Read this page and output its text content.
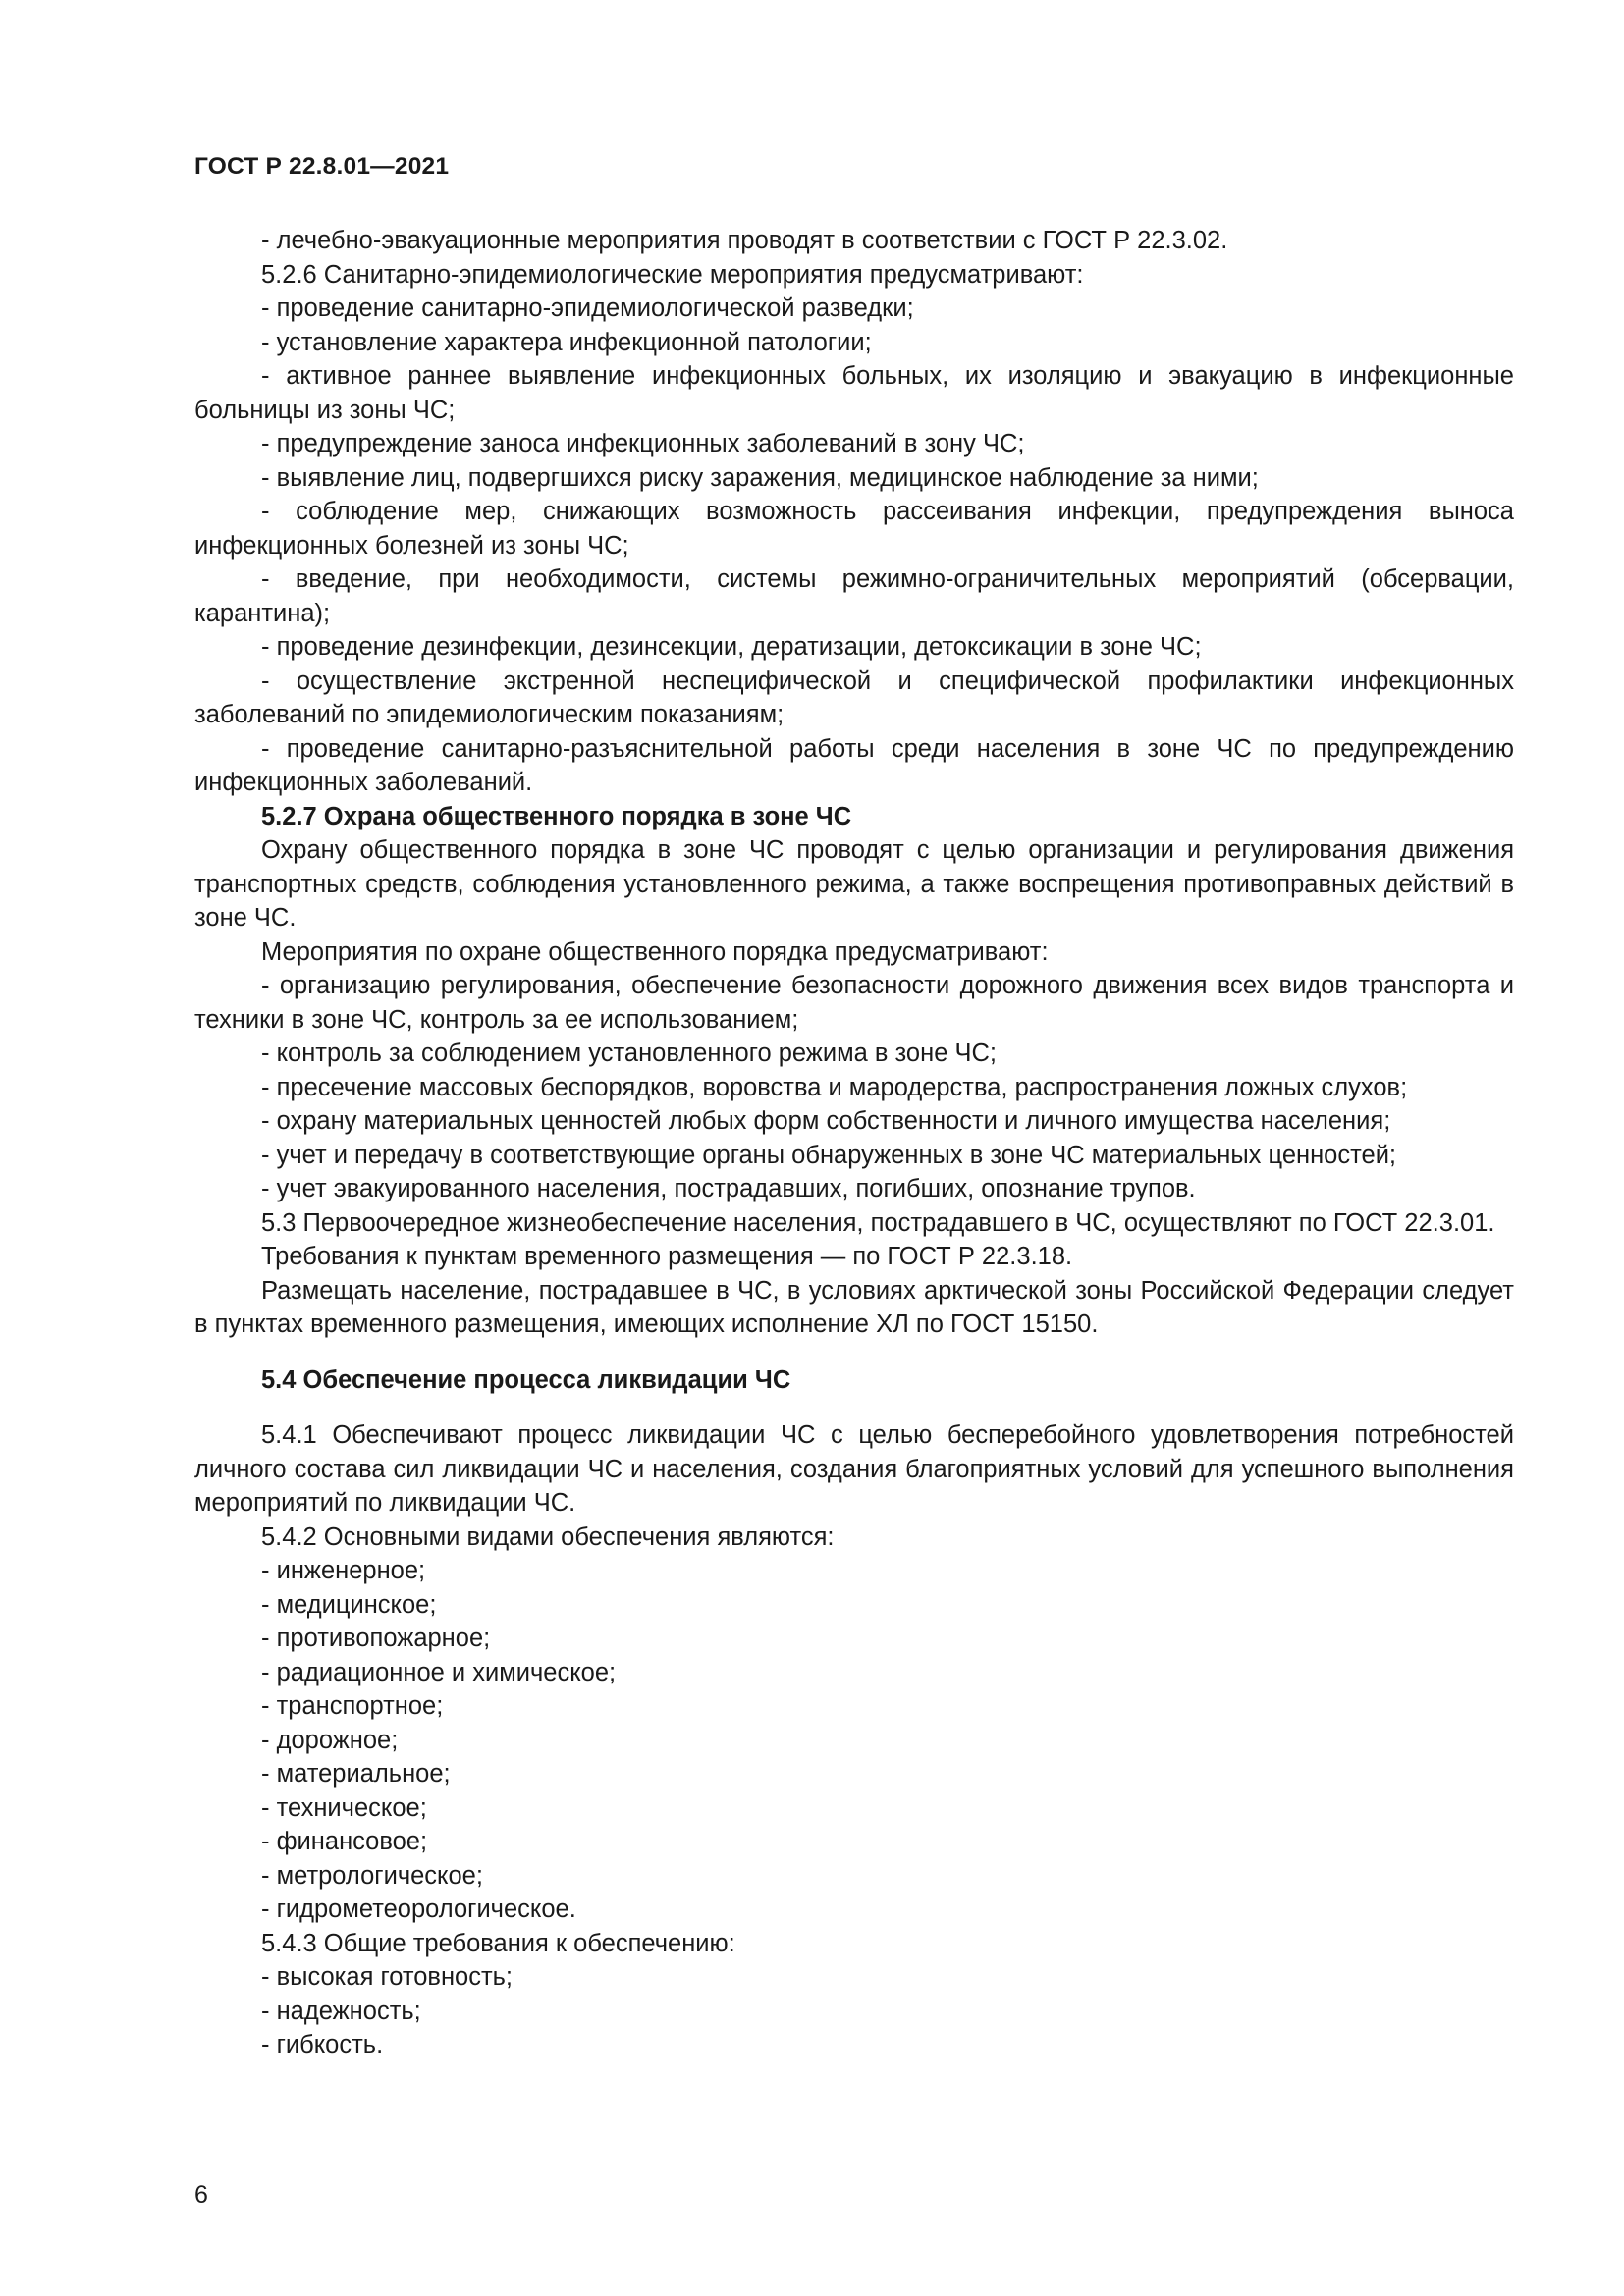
ГОСТ Р 22.8.01—2021

- лечебно-эвакуационные мероприятия проводят в соответствии с ГОСТ Р 22.3.02.

5.2.6 Санитарно-эпидемиологические мероприятия предусматривают:

- проведение санитарно-эпидемиологической разведки;

- установление характера инфекционной патологии;

- активное раннее выявление инфекционных больных, их изоляцию и эвакуацию в инфекционные больницы из зоны ЧС;

- предупреждение заноса инфекционных заболеваний в зону ЧС;

- выявление лиц, подвергшихся риску заражения, медицинское наблюдение за ними;

- соблюдение мер, снижающих возможность рассеивания инфекции, предупреждения выноса инфекционных болезней из зоны ЧС;

- введение, при необходимости, системы режимно-ограничительных мероприятий (обсервации, карантина);

- проведение дезинфекции, дезинсекции, дератизации, детоксикации в зоне ЧС;

- осуществление экстренной неспецифической и специфической профилактики инфекционных заболеваний по эпидемиологическим показаниям;

- проведение санитарно-разъяснительной работы среди населения в зоне ЧС по предупреждению инфекционных заболеваний.

5.2.7 Охрана общественного порядка в зоне ЧС

Охрану общественного порядка в зоне ЧС проводят с целью организации и регулирования движения транспортных средств, соблюдения установленного режима, а также воспрещения противоправных действий в зоне ЧС.

Мероприятия по охране общественного порядка предусматривают:

- организацию регулирования, обеспечение безопасности дорожного движения всех видов транспорта и техники в зоне ЧС, контроль за ее использованием;

- контроль за соблюдением установленного режима в зоне ЧС;

- пресечение массовых беспорядков, воровства и мародерства, распространения ложных слухов;

- охрану материальных ценностей любых форм собственности и личного имущества населения;

- учет и передачу в соответствующие органы обнаруженных в зоне ЧС материальных ценностей;

- учет эвакуированного населения, пострадавших, погибших, опознание трупов.

5.3 Первоочередное жизнеобеспечение населения, пострадавшего в ЧС, осуществляют по ГОСТ 22.3.01.

Требования к пунктам временного размещения — по ГОСТ Р 22.3.18.

Размещать население, пострадавшее в ЧС, в условиях арктической зоны Российской Федерации следует в пунктах временного размещения, имеющих исполнение ХЛ по ГОСТ 15150.

5.4 Обеспечение процесса ликвидации ЧС

5.4.1 Обеспечивают процесс ликвидации ЧС с целью бесперебойного удовлетворения потребностей личного состава сил ликвидации ЧС и населения, создания благоприятных условий для успешного выполнения мероприятий по ликвидации ЧС.

5.4.2 Основными видами обеспечения являются:

- инженерное;

- медицинское;

- противопожарное;

- радиационное и химическое;

- транспортное;

- дорожное;

- материальное;

- техническое;

- финансовое;

- метрологическое;

- гидрометеорологическое.

5.4.3 Общие требования к обеспечению:

- высокая готовность;

- надежность;

- гибкость.

6
